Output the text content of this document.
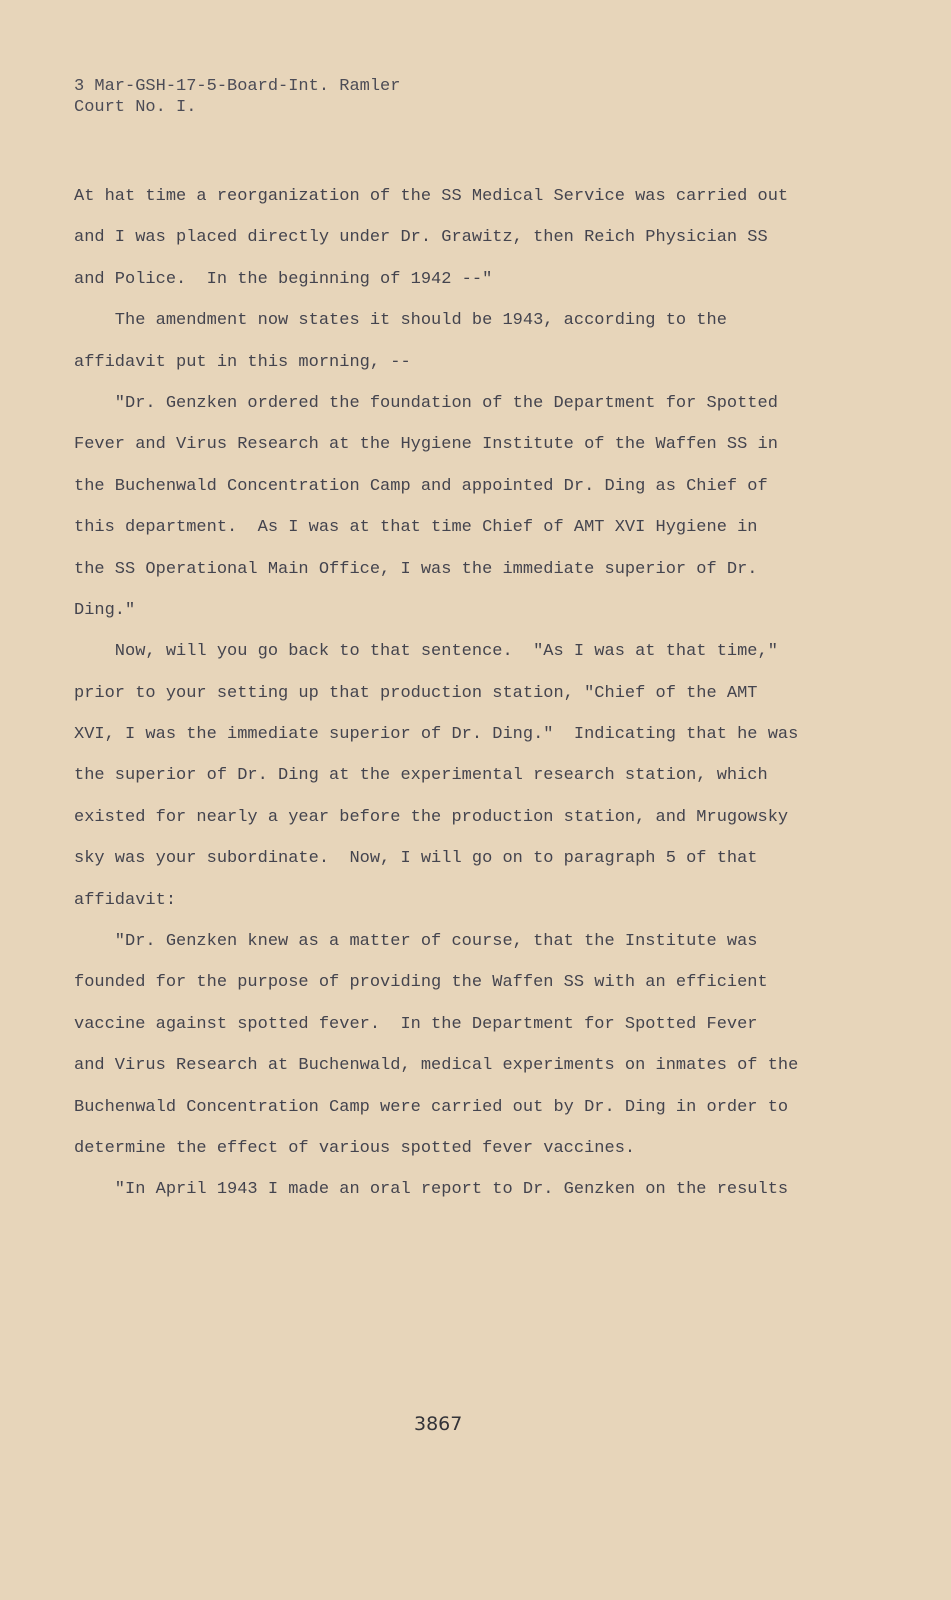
3 Mar-GSH-17-5-Board-Int. Ramler
Court No. I.
At hat time a reorganization of the SS Medical Service was carried out
and I was placed directly under Dr. Grawitz, then Reich Physician SS
and Police.  In the beginning of 1942 --"
The amendment now states it should be 1943, according to the
affidavit put in this morning, --
"Dr. Genzken ordered the foundation of the Department for Spotted
Fever and Virus Research at the Hygiene Institute of the Waffen SS in
the Buchenwald Concentration Camp and appointed Dr. Ding as Chief of
this department.  As I was at that time Chief of AMT XVI Hygiene in
the SS Operational Main Office, I was the immediate superior of Dr.
Ding."
Now, will you go back to that sentence.  "As I was at that time,"
prior to your setting up that production station, "Chief of the AMT
XVI, I was the immediate superior of Dr. Ding."  Indicating that he was
the superior of Dr. Ding at the experimental research station, which
existed for nearly a year before the production station, and Mrugowsky
sky was your subordinate.  Now, I will go on to paragraph 5 of that
affidavit:
"Dr. Genzken knew as a matter of course, that the Institute was
founded for the purpose of providing the Waffen SS with an efficient
vaccine against spotted fever.  In the Department for Spotted Fever
and Virus Research at Buchenwald, medical experiments on inmates of the
Buchenwald Concentration Camp were carried out by Dr. Ding in order to
determine the effect of various spotted fever vaccines.
"In April 1943 I made an oral report to Dr. Genzken on the results
3867
